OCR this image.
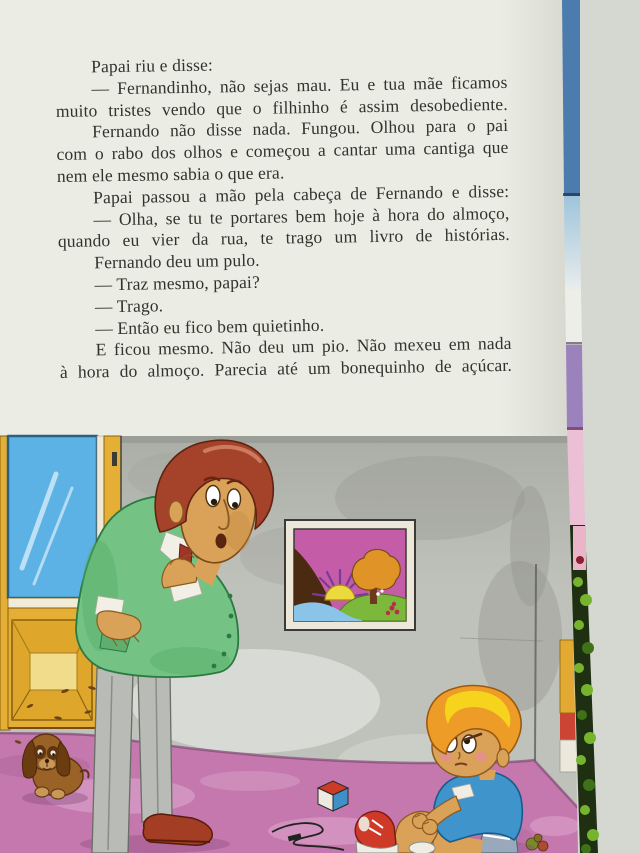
Papai riu e disse:
— Fernandinho, não sejas mau. Eu e tua mãe ficamos
muito tristes vendo que o filhinho é assim desobediente.
Fernando não disse nada. Fungou. Olhou para o pai
com o rabo dos olhos e começou a cantar uma cantiga que
nem ele mesmo sabia o que era.
Papai passou a mão pela cabeça de Fernando e disse:
— Olha, se tu te portares bem hoje à hora do almoço,
quando eu vier da rua, te trago um livro de histórias.
Fernando deu um pulo.
— Traz mesmo, papai?
— Trago.
— Então eu fico bem quietinho.
E ficou mesmo. Não deu um pio. Não mexeu em nada
à hora do almoço. Parecia até um bonequinho de açúcar.
